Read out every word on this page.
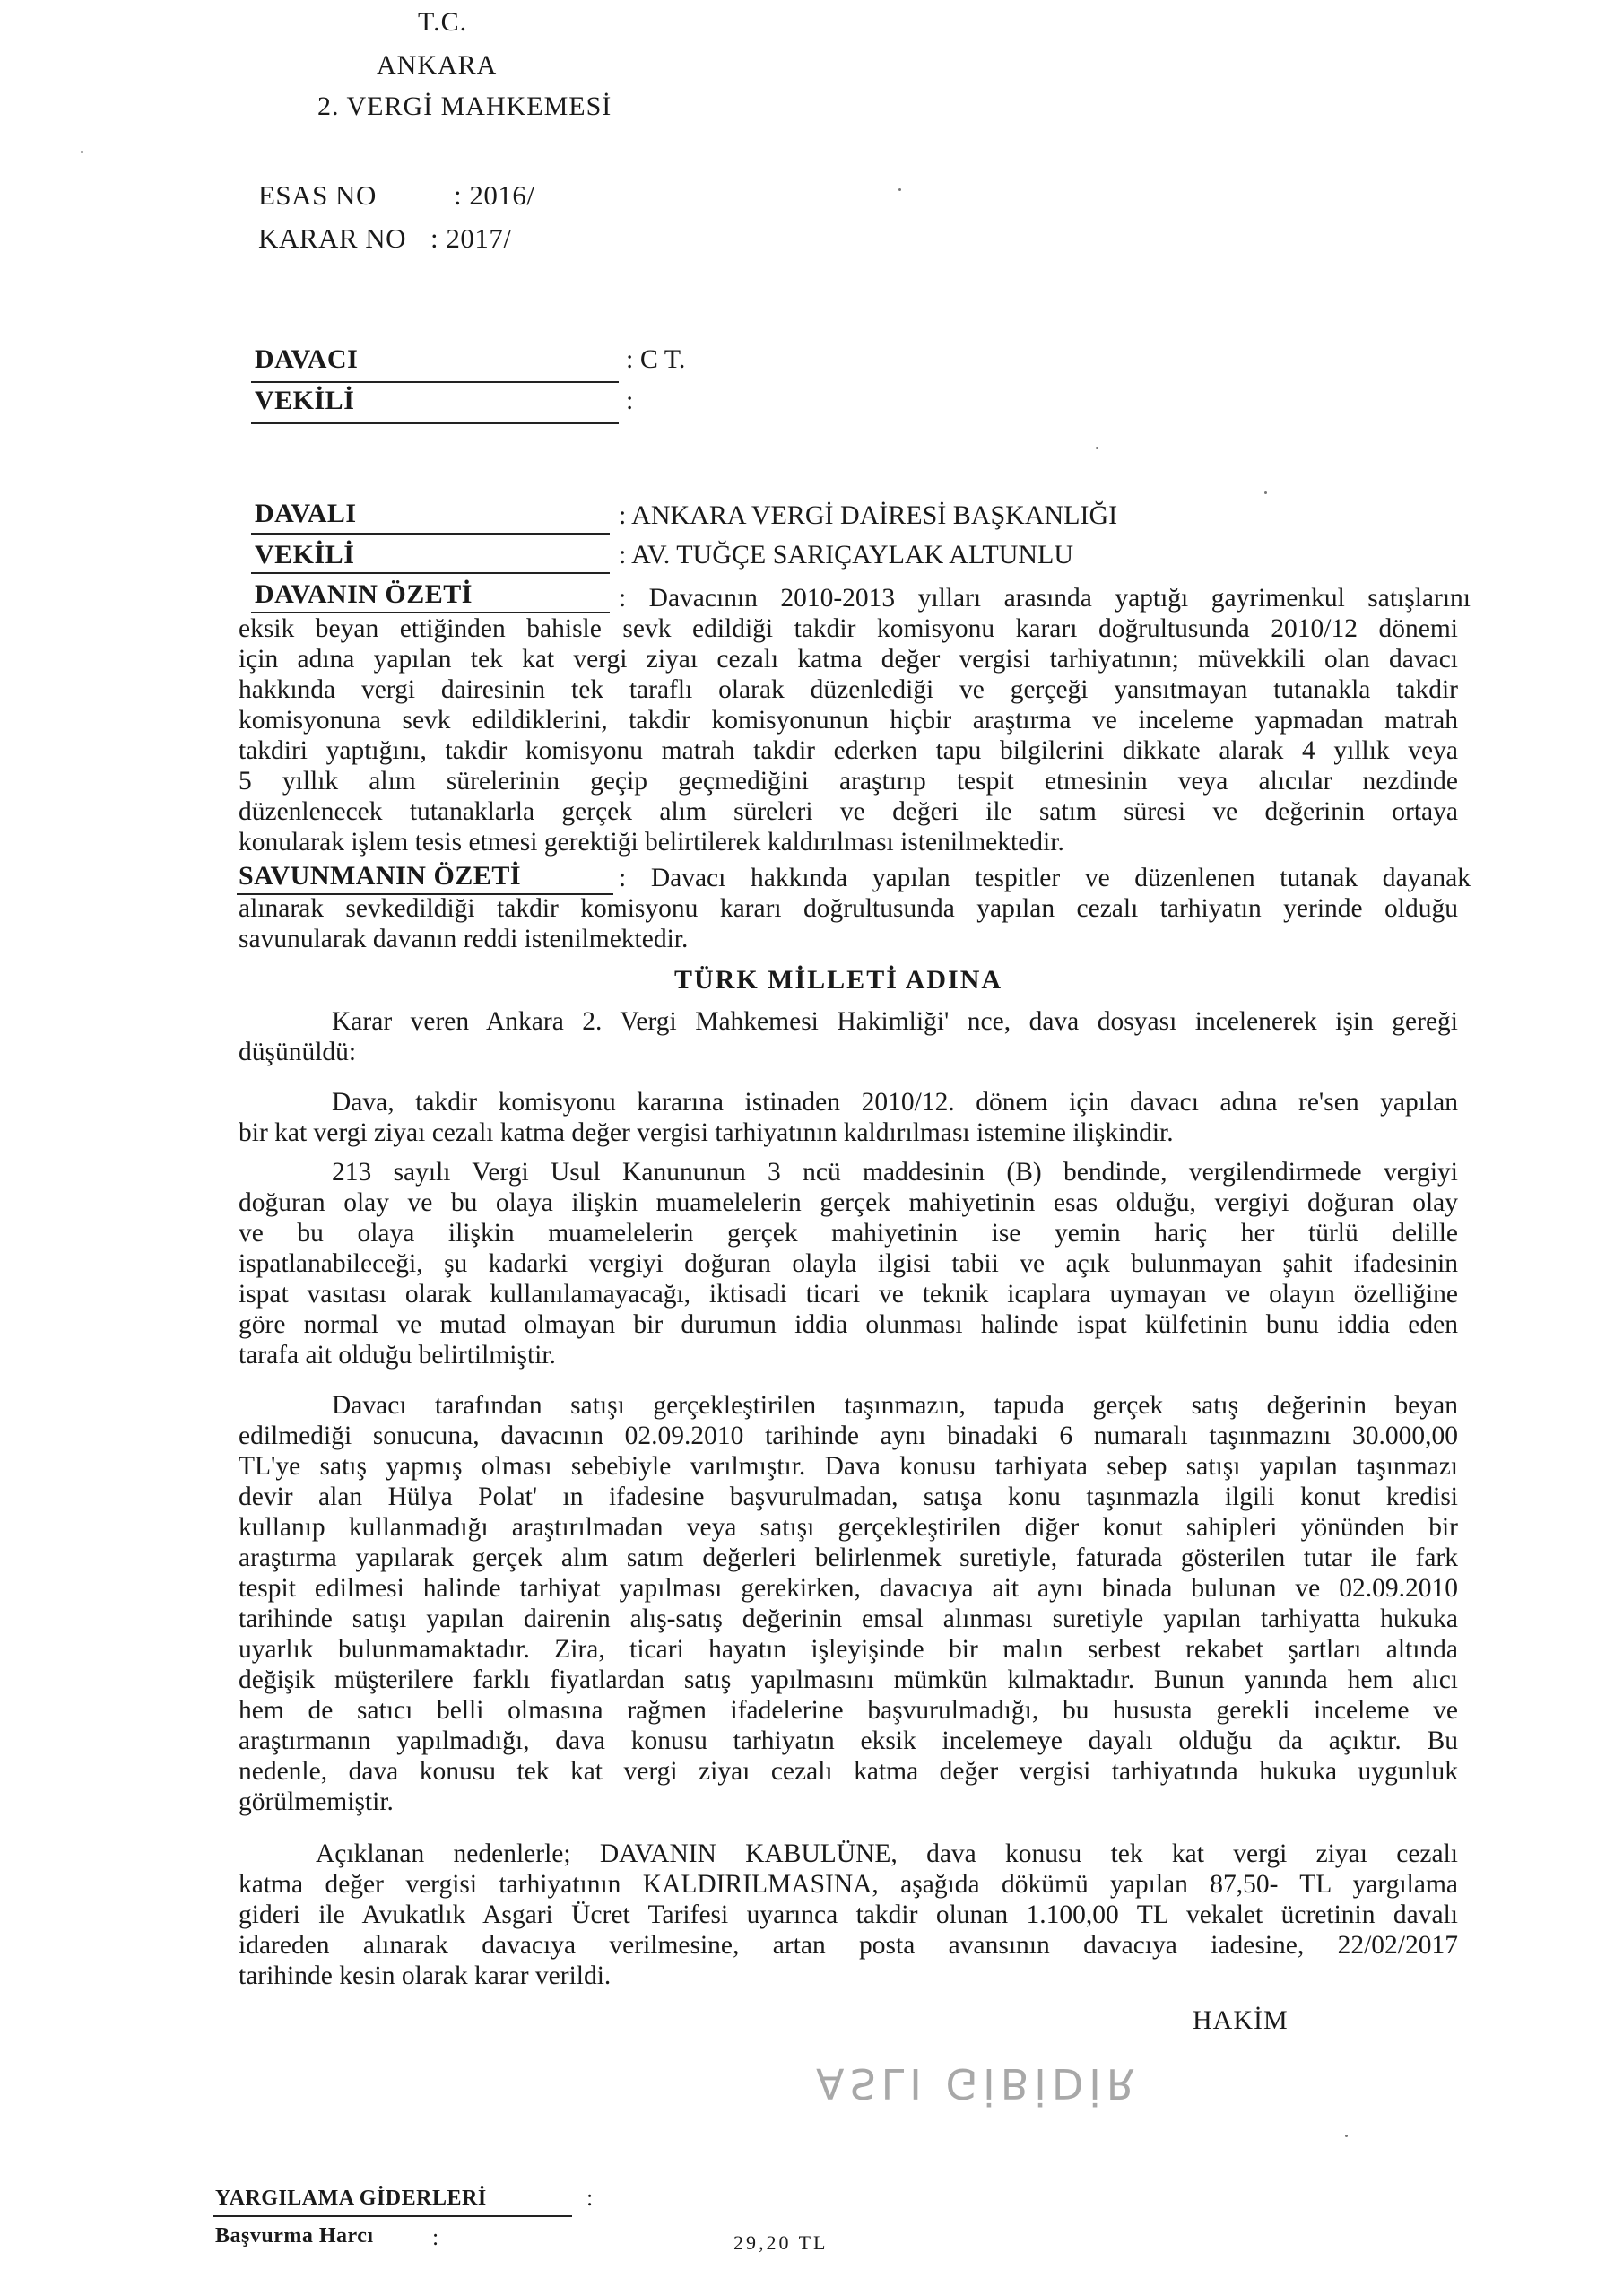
T.C.
ANKARA
2. VERGİ MAHKEMESİ
ESAS NO	: 2016/
KARAR NO : 2017/
DAVACI	: C T.
VEKİLİ	:
DAVALI	: ANKARA VERGİ DAİRESİ BAŞKANLIĞI
VEKİLİ	: AV. TUĞÇE SARIÇAYLAK ALTUNLU
DAVANIN ÖZETİ	: Davacının 2010-2013 yılları arasında yaptığı gayrimenkul satışlarını
eksik beyan ettiğinden bahisle sevk edildiği takdir komisyonu kararı doğrultusunda 2010/12 dönemi
için adına yapılan tek kat vergi ziyaı cezalı katma değer vergisi tarhiyatının; müvekkili olan davacı
hakkında vergi dairesinin tek taraflı olarak düzenlediği ve gerçeği yansıtmayan tutanakla takdir
komisyonuna sevk edildiklerini, takdir komisyonunun hiçbir araştırma ve inceleme yapmadan matrah
takdiri yaptığını, takdir komisyonu matrah takdir ederken tapu bilgilerini dikkate alarak 4 yıllık veya
5 yıllık alım sürelerinin geçip geçmediğini araştırıp tespit etmesinin veya alıcılar nezdinde
düzenlenecek tutanaklarla gerçek alım süreleri ve değeri ile satım süresi ve değerinin ortaya
konularak işlem tesis etmesi gerektiği belirtilerek kaldırılması istenilmektedir.
SAVUNMANIN ÖZETİ	: Davacı hakkında yapılan tespitler ve düzenlenen tutanak dayanak
alınarak sevkedildiği takdir komisyonu kararı doğrultusunda yapılan cezalı tarhiyatın yerinde olduğu
savunularak davanın reddi istenilmektedir.
TÜRK MİLLETİ ADINA
Karar veren Ankara 2. Vergi Mahkemesi Hakimliği' nce, dava dosyası incelenerek işin gereği
düşünüldü:
Dava, takdir komisyonu kararına istinaden 2010/12. dönem için davacı adına re'sen yapılan
bir kat vergi ziyaı cezalı katma değer vergisi tarhiyatının kaldırılması istemine ilişkindir.
213 sayılı Vergi Usul Kanununun 3 ncü maddesinin (B) bendinde, vergilendirmede vergiyi
doğuran olay ve bu olaya ilişkin muamelelerin gerçek mahiyetinin esas olduğu, vergiyi doğuran olay
ve bu olaya ilişkin muamelelerin gerçek mahiyetinin ise yemin hariç her türlü delille
ispatlanabileceği, şu kadarki vergiyi doğuran olayla ilgisi tabii ve açık bulunmayan şahit ifadesinin
ispat vasıtası olarak kullanılamayacağı, iktisadi ticari ve teknik icaplara uymayan ve olayın özelliğine
göre normal ve mutad olmayan bir durumun iddia olunması halinde ispat külfetinin bunu iddia eden
tarafa ait olduğu belirtilmiştir.
Davacı tarafından satışı gerçekleştirilen taşınmazın, tapuda gerçek satış değerinin beyan
edilmediği sonucuna, davacının 02.09.2010 tarihinde aynı binadaki 6 numaralı taşınmazını 30.000,00
TL'ye satış yapmış olması sebebiyle varılmıştır. Dava konusu tarhiyata sebep satışı yapılan taşınmazı
devir alan Hülya Polat' ın ifadesine başvurulmadan, satışa konu taşınmazla ilgili konut kredisi
kullanıp kullanmadığı araştırılmadan veya satışı gerçekleştirilen diğer konut sahipleri yönünden bir
araştırma yapılarak gerçek alım satım değerleri belirlenmek suretiyle, faturada gösterilen tutar ile fark
tespit edilmesi halinde tarhiyat yapılması gerekirken, davacıya ait aynı binada bulunan ve 02.09.2010
tarihinde satışı yapılan dairenin alış-satış değerinin emsal alınması suretiyle yapılan tarhiyatta hukuka
uyarlık bulunmamaktadır. Zira, ticari hayatın işleyişinde bir malın serbest rekabet şartları altında
değişik müşterilere farklı fiyatlardan satış yapılmasını mümkün kılmaktadır. Bunun yanında hem alıcı
hem de satıcı belli olmasına rağmen ifadelerine başvurulmadığı, bu hususta gerekli inceleme ve
araştırmanın yapılmadığı, dava konusu tarhiyatın eksik incelemeye dayalı olduğu da açıktır. Bu
nedenle, dava konusu tek kat vergi ziyaı cezalı katma değer vergisi tarhiyatında hukuka uygunluk
görülmemiştir.
Açıklanan nedenlerle; DAVANIN KABULÜNE, dava konusu tek kat vergi ziyaı cezalı
katma değer vergisi tarhiyatının KALDIRILMASINA, aşağıda dökümü yapılan 87,50- TL yargılama
gideri ile Avukatlık Asgari Ücret Tarifesi uyarınca takdir olunan 1.100,00 TL vekalet ücretinin davalı
idareden alınarak davacıya verilmesine, artan posta avansının davacıya iadesine, 22/02/2017
tarihinde kesin olarak karar verildi.
HAKİM
ASLI GİBİDİR
YARGILAMA GİDERLERİ	:
Başvurma Harcı	:	29,20 TL
